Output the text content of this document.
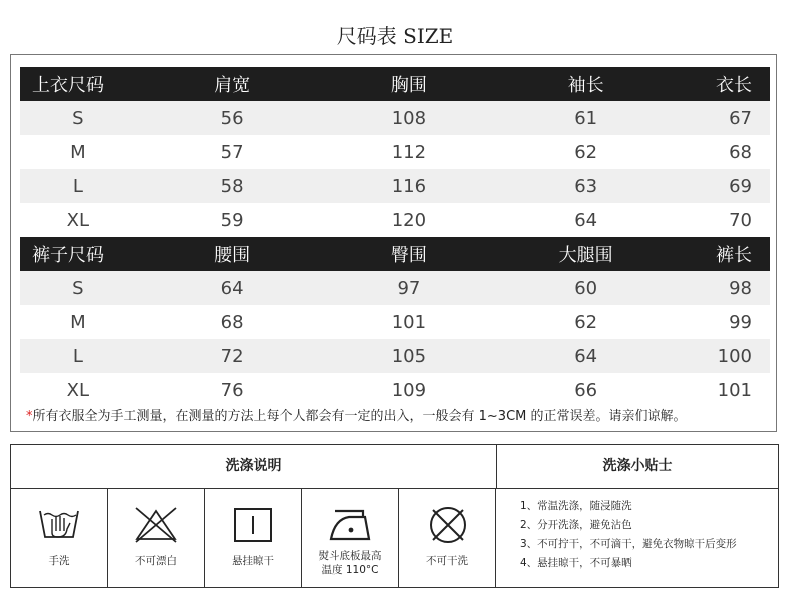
尺码表 SIZE
上衣尺码	肩宽	胸围	袖长	衣长
S	56	108	61	67
M	57	112	62	68
L	58	116	63	69
XL	59	120	64	70
裤子尺码	腰围	臀围	大腿围	裤长
S	64	97	60	98
M	68	101	62	99
L	72	105	64	100
XL	76	109	66	101
*所有衣服全为手工测量，在测量的方法上每个人都会有一定的出入，一般会有 1~3CM 的正常误差。请亲们谅解。
洗涤说明	洗涤小贴士
手洗	不可漂白	悬挂晾干	熨斗底板最高
温度 110°C
不可干洗
1、常温洗涤，随浸随洗
2、分开洗涤，避免沾色
3、不可拧干，不可滴干，避免衣物晾干后变形
4、悬挂晾干，不可暴晒
